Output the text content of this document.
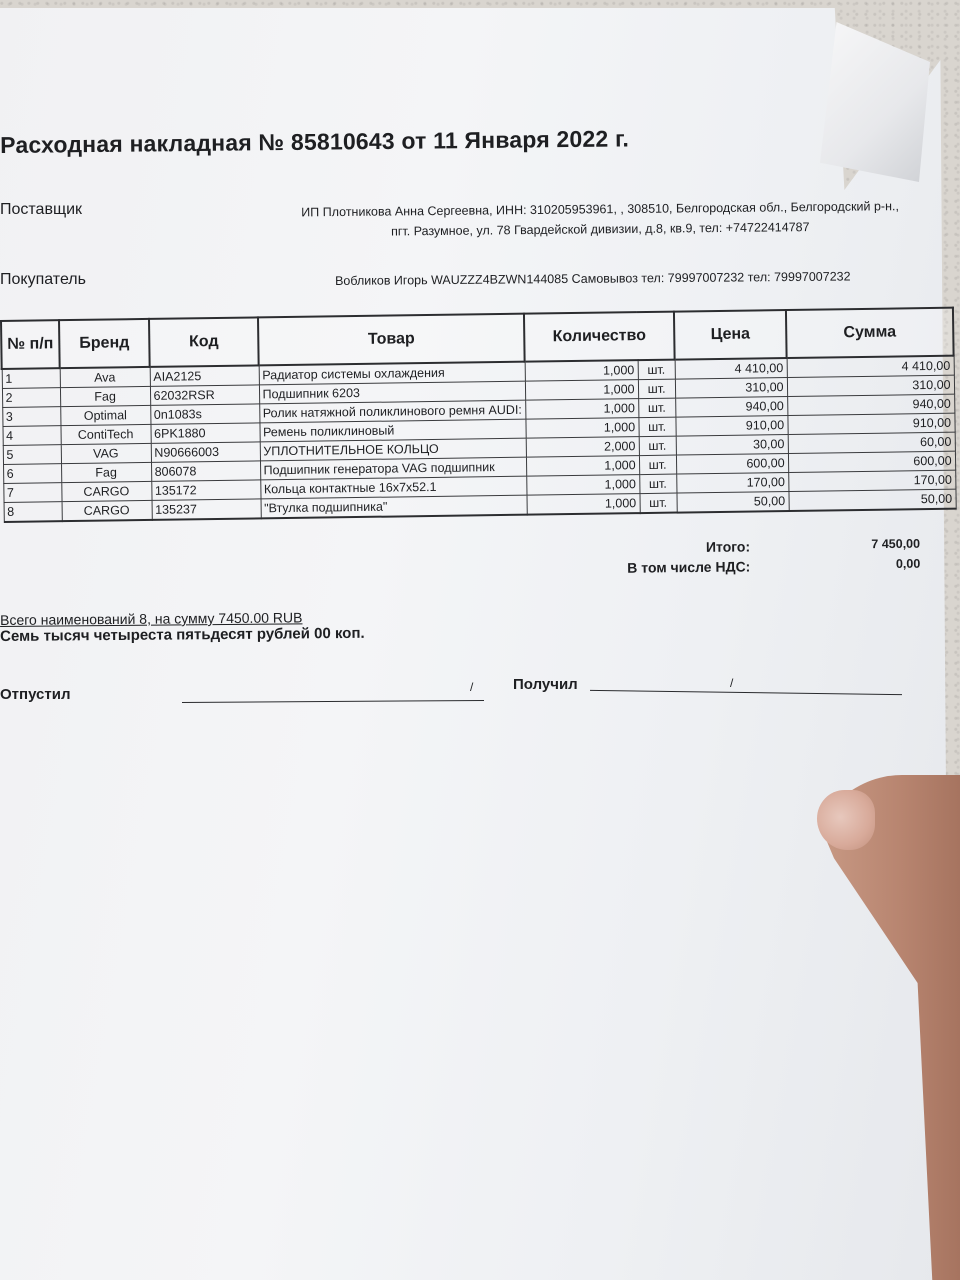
Расходная накладная № 85810643 от 11 Января 2022 г.
Поставщик	ИП Плотникова Анна Сергеевна, ИНН: 310205953961, , 308510, Белгородская обл., Белгородский р-н.,
пгт. Разумное, ул. 78 Гвардейской дивизии, д.8, кв.9, тел: +74722414787
Покупатель	Вобликов Игорь WAUZZZ4BZWN144085 Самовывоз тел: 79997007232 тел: 79997007232
№ п/п	Бренд	Код	Товар	Количество		Цена	Сумма
1	Ava	AIA2125	Радиатор системы охлаждения	1,000	шт.	4 410,00	4 410,00
2	Fag	62032RSR	Подшипник 6203	1,000	шт.	310,00	310,00
3	Optimal	0n1083s	Ролик натяжной поликлинового ремня AUDI:	1,000	шт.	940,00	940,00
4	ContiTech	6PK1880	Ремень поликлиновый	1,000	шт.	910,00	910,00
5	VAG	N90666003	УПЛОТНИТЕЛЬНОЕ КОЛЬЦО	2,000	шт.	30,00	60,00
6	Fag	806078	Подшипник генератора VAG подшипник	1,000	шт.	600,00	600,00
7	CARGO	135172	Кольца контактные 16x7x52.1	1,000	шт.	170,00	170,00
8	CARGO	135237	"Втулка подшипника"	1,000	шт.	50,00	50,00
Итого:	7 450,00
В том числе НДС:	0,00
Всего наименований 8, на сумму 7450.00 RUB
Семь тысяч четыреста пятьдесят рублей 00 коп.
Отпустил	/	Получил	/
